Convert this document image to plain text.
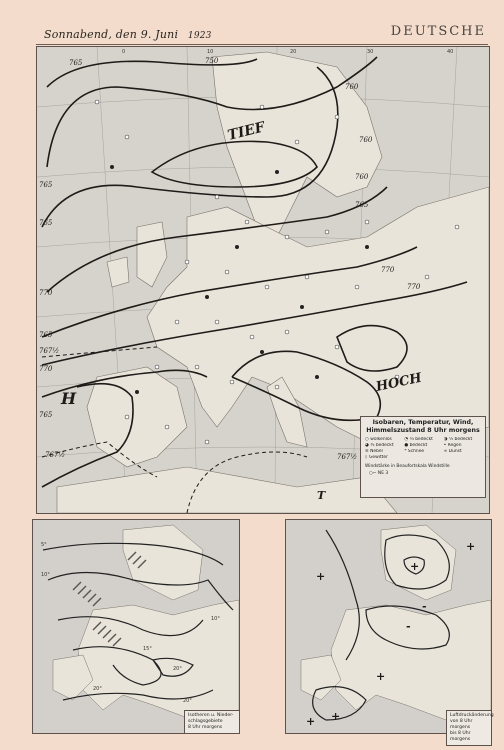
Sonnabend, den 9. Juni 1923	DEUTSCHE
TIEF
HOCH
H
T
765	750
760
765
760
760
765
770
765
770
770
767½
767½
765
767½
770
765
0	10	20	30	40
Isobaren, Temperatur, Wind,
Himmelszustand 8 Uhr morgens
○ wolkenlos	◔ ¼ bedeckt	◑ ½ bedeckt
◕ ¾ bedeckt	● bedeckt	• Regen
≡ Nebel	* Schnee	∞ Dunst
ᚱ Gewitter
Windstärke in Beaufortskala Windstille
○⌐ NE 3
5°
10°
10°
15°
20°
20°
20°
Isotheren u. Nieder-
schlagsgebiete
8 Uhr morgens
+
+
-
+
-
+
+
+
Luftdruckänderung
von 8 Uhr morgens
bis 8 Uhr morgens
